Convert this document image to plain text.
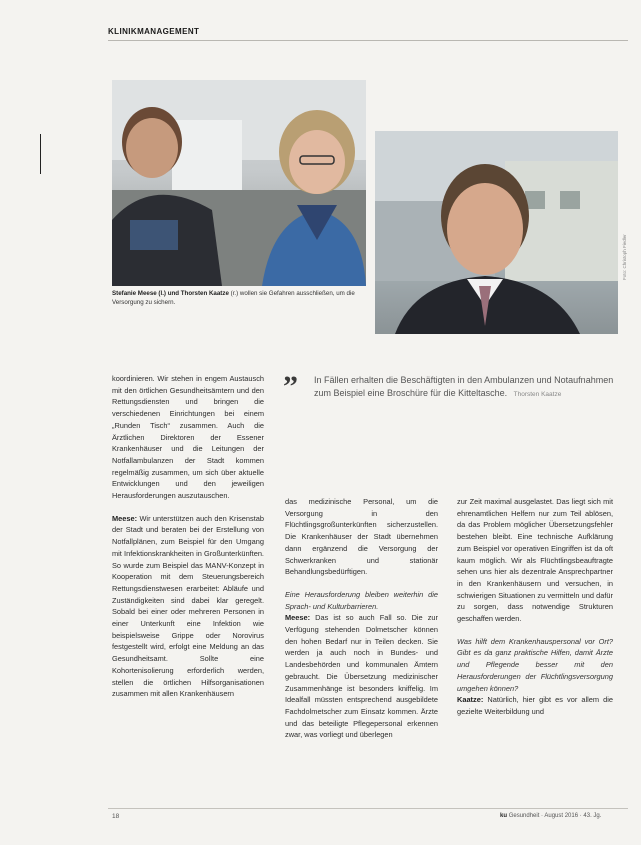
KLINIKMANAGEMENT
Stefanie Meese (l.) und Thorsten Kaatze (r.) wollen sie Gefahren ausschließen, um die Versorgung zu sichern.
Foto: Christoph Fiedler
” In Fällen erhalten die Beschäftigten in den Ambulanzen und Notaufnahmen zum Beispiel eine Broschüre für die Kitteltasche. Thorsten Kaatze

koordinieren. Wir stehen in engem Austausch mit den örtlichen Gesundheitsämtern und den Rettungsdiensten und bringen die verschiedenen Einrichtungen bei einem „Runden Tisch“ zusammen. Auch die Ärztlichen Direktoren der Essener Krankenhäuser und die Leitungen der Notfallambulanzen der Stadt kommen regelmäßig zusammen, um sich über aktuelle Entwicklungen und den jeweiligen Herausforderungen auszutauschen.

Meese: Wir unterstützen auch den Krisenstab der Stadt und beraten bei der Erstellung von Notfallplänen, zum Beispiel für den Umgang mit Infektionskrankheiten in Großunterkünften. So wurde zum Beispiel das MANV-Konzept in Kooperation mit dem Steuerungsbereich Rettungsdienstwesen erarbeitet: Abläufe und Zuständigkeiten sind dabei klar geregelt. Sobald bei einer oder mehreren Personen in einer Unterkunft eine Infektion wie beispielsweise Grippe oder Norovirus festgestellt wird, erfolgt eine Meldung an das Gesundheitsamt. Sollte eine Kohortenisolierung erforderlich werden, stellen die örtlichen Hilfsorganisationen zusammen mit allen Krankenhäusern

das medizinische Personal, um die Versorgung in den Flüchtlingsgroßunterkünften sicherzustellen. Die Krankenhäuser der Stadt übernehmen dann ergänzend die Versorgung der Schwerkranken und stationär Behandlungsbedürftigen.

Eine Herausforderung bleiben weiterhin die Sprach- und Kulturbarrieren.

Meese: Das ist so auch Fall so. Die zur Verfügung stehenden Dolmetscher können den hohen Bedarf nur in Teilen decken. Sie werden ja auch noch in Bundes- und Landesbehörden und kommunalen Ämtern gebraucht. Die Übersetzung medizinischer Zusammenhänge ist besonders kniffelig. Im Idealfall müssten entsprechend ausgebildete Fachdolmetscher zum Einsatz kommen. Ärzte und das beteiligte Pflegepersonal erkennen zwar, was vorliegt und überlegen

zur Zeit maximal ausgelastet. Das liegt sich mit ehrenamtlichen Helfern nur zum Teil ablösen, da das Problem möglicher Übersetzungsfehler bestehen bleibt. Eine technische Aufklärung zum Beispiel vor operativen Eingriffen ist da oft kaum möglich. Wir als Flüchtlingsbeauftragte sehen uns hier als dezentrale Ansprechpartner in den Krankenhäusern und versuchen, in schwierigen Situationen zu vermitteln und dafür zu sorgen, dass notwendige Strukturen geschaffen werden.

Was hilft dem Krankenhauspersonal vor Ort? Gibt es da ganz praktische Hilfen, damit Ärzte und Pflegende besser mit den Herausforderungen der Flüchtlingsversorgung umgehen können?

Kaatze: Natürlich, hier gibt es vor allem die gezielte Weiterbildung und

18	ku Gesundheit · August 2016 · 43. Jg.
